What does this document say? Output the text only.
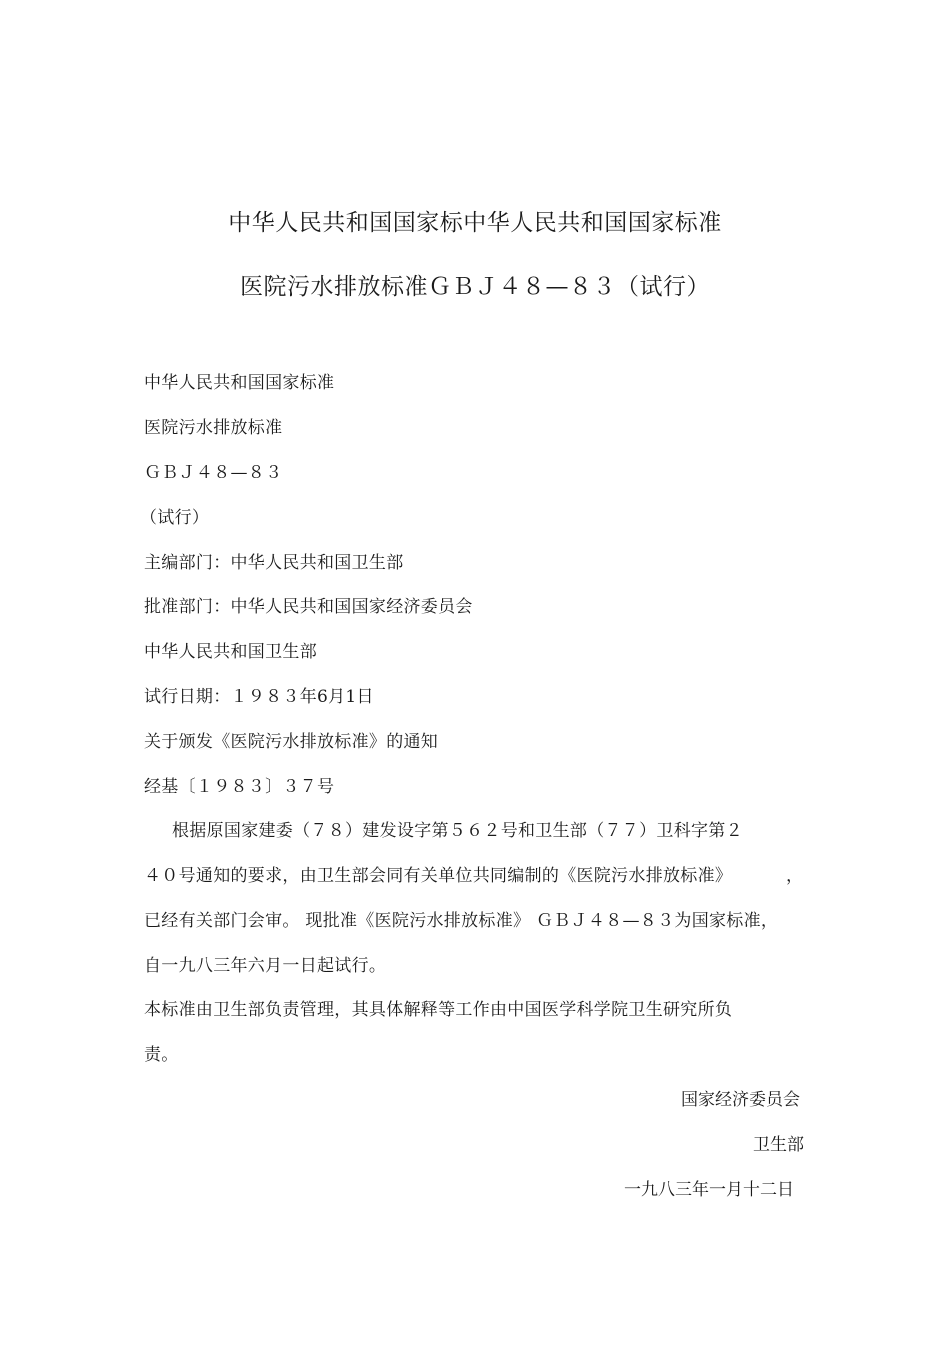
中华人民共和国国家标中华人民共和国国家标准
医院污水排放标准ＧＢＪ４８—８３（试行）
中华人民共和国国家标准
医院污水排放标准
ＧＢＪ４８—８３
（试行）
主编部门：中华人民共和国卫生部
批准部门：中华人民共和国国家经济委员会
中华人民共和国卫生部
试行日期：１９８３年6月1日
关于颁发《医院污水排放标准》的通知
经基〔１９８３〕３７号
根据原国家建委（７８）建发设字第５６２号和卫生部（７７）卫科字第２
４０号通知的要求，由卫生部会同有关单位共同编制的《医院污水排放标准》	，
已经有关部门会审。 现批准《医院污水排放标准》 ＧＢＪ４８—８３为国家标准，
自一九八三年六月一日起试行。
本标准由卫生部负责管理，其具体解释等工作由中国医学科学院卫生研究所负
责。
国家经济委员会
卫生部
一九八三年一月十二日
